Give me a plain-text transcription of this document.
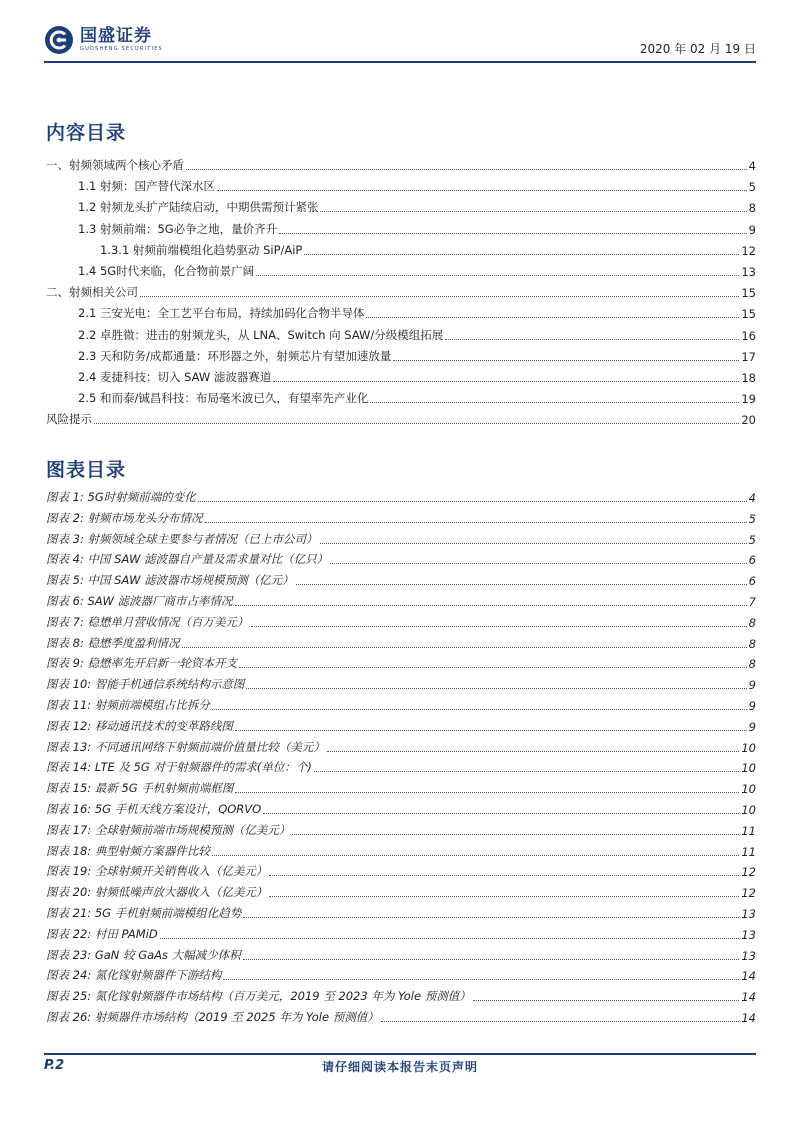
国盛证券
GUOSHENG SECURITIES	2020 年 02 月 19 日
内容目录
一、射频领域两个核心矛盾	4
1.1 射频：国产替代深水区	5
1.2 射频龙头扩产陆续启动，中期供需预计紧张	8
1.3 射频前端：5G必争之地，量价齐升	9
1.3.1 射频前端模组化趋势驱动 SiP/AiP	12
1.4 5G时代来临，化合物前景广阔	13
二、射频相关公司	15
2.1 三安光电：全工艺平台布局，持续加码化合物半导体	15
2.2 卓胜微：进击的射频龙头，从 LNA、Switch 向 SAW/分级模组拓展	16
2.3 天和防务/成都通量：环形器之外，射频芯片有望加速放量	17
2.4 麦捷科技：切入 SAW 滤波器赛道	18
2.5 和而泰/铖昌科技：布局毫米波已久，有望率先产业化	19
风险提示	20
图表目录
图表 1: 5G时射频前端的变化	4
图表 2: 射频市场龙头分布情况	5
图表 3: 射频领域全球主要参与者情况（已上市公司）	5
图表 4: 中国 SAW 滤波器自产量及需求量对比（亿只）	6
图表 5: 中国 SAW 滤波器市场规模预测（亿元）	6
图表 6: SAW 滤波器厂商市占率情况	7
图表 7: 稳懋单月营收情况（百万美元）	8
图表 8: 稳懋季度盈利情况	8
图表 9: 稳懋率先开启新一轮资本开支	8
图表 10: 智能手机通信系统结构示意图	9
图表 11: 射频前端模组占比拆分	9
图表 12: 移动通讯技术的变革路线图	9
图表 13: 不同通讯网络下射频前端价值量比较（美元）	10
图表 14: LTE 及 5G 对于射频器件的需求(单位：个)	10
图表 15: 最新 5G 手机射频前端框图	10
图表 16: 5G 手机天线方案设计，QORVO	10
图表 17: 全球射频前端市场规模预测（亿美元）	11
图表 18: 典型射频方案器件比较	11
图表 19: 全球射频开关销售收入（亿美元）	12
图表 20: 射频低噪声放大器收入（亿美元）	12
图表 21: 5G 手机射频前端模组化趋势	13
图表 22: 村田 PAMiD	13
图表 23: GaN 较 GaAs 大幅减少体积	13
图表 24: 氮化镓射频器件下游结构	14
图表 25: 氮化镓射频器件市场结构（百万美元，2019 至 2023 年为 Yole 预测值）	14
图表 26: 射频器件市场结构（2019 至 2025 年为 Yole 预测值）	14
P.2	请仔细阅读本报告末页声明
